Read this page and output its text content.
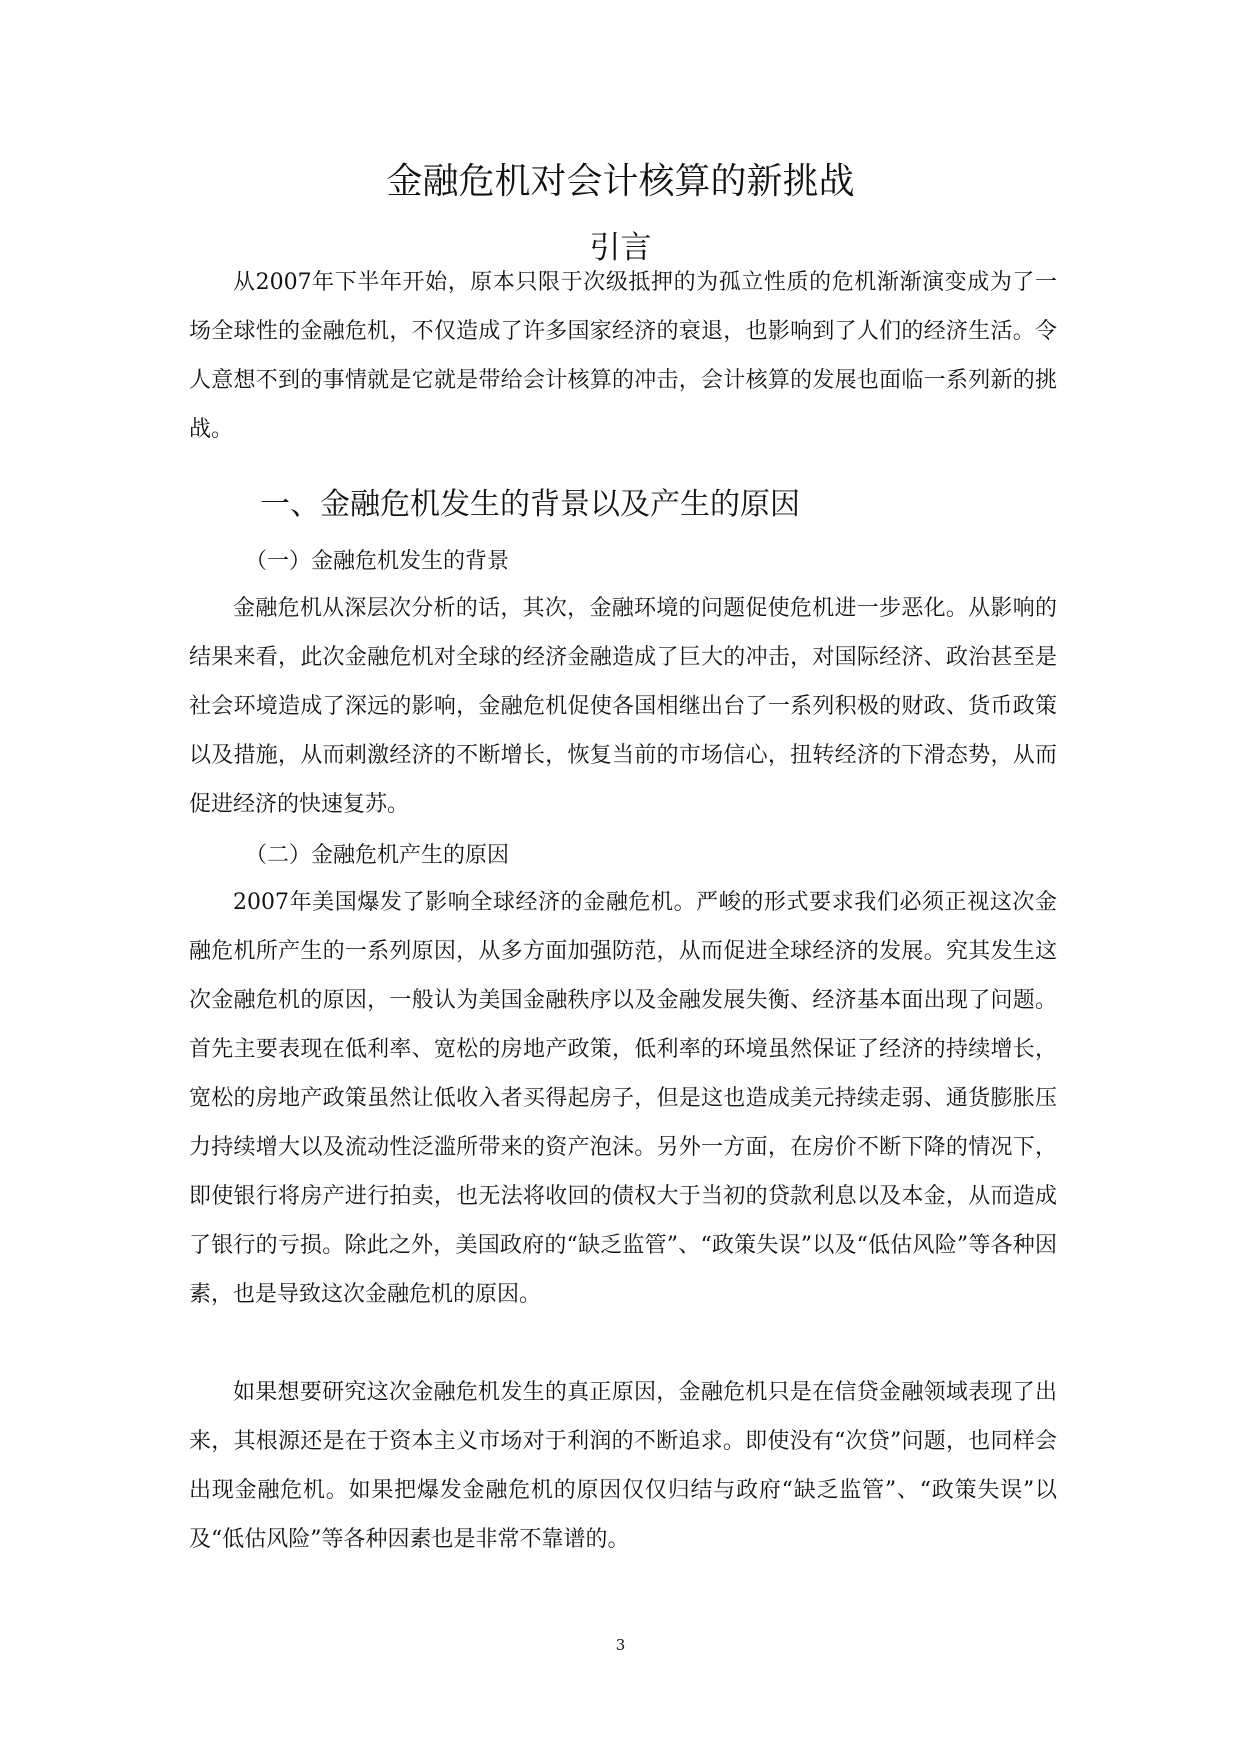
金融危机对会计核算的新挑战
引言

从2007年下半年开始，原本只限于次级抵押的为孤立性质的危机渐渐演变成为了一场全球性的金融危机，不仅造成了许多国家经济的衰退，也影响到了人们的经济生活。令人意想不到的事情就是它就是带给会计核算的冲击，会计核算的发展也面临一系列新的挑战。

一、金融危机发生的背景以及产生的原因
（一）金融危机发生的背景

金融危机从深层次分析的话，其次，金融环境的问题促使危机进一步恶化。从影响的结果来看，此次金融危机对全球的经济金融造成了巨大的冲击，对国际经济、政治甚至是社会环境造成了深远的影响，金融危机促使各国相继出台了一系列积极的财政、货币政策以及措施，从而刺激经济的不断增长，恢复当前的市场信心，扭转经济的下滑态势，从而促进经济的快速复苏。

（二）金融危机产生的原因

2007年美国爆发了影响全球经济的金融危机。严峻的形式要求我们必须正视这次金融危机所产生的一系列原因，从多方面加强防范，从而促进全球经济的发展。究其发生这次金融危机的原因，一般认为美国金融秩序以及金融发展失衡、经济基本面出现了问题。首先主要表现在低利率、宽松的房地产政策，低利率的环境虽然保证了经济的持续增长，宽松的房地产政策虽然让低收入者买得起房子，但是这也造成美元持续走弱、通货膨胀压力持续增大以及流动性泛滥所带来的资产泡沫。另外一方面，在房价不断下降的情况下，即使银行将房产进行拍卖，也无法将收回的债权大于当初的贷款利息以及本金，从而造成了银行的亏损。除此之外，美国政府的“缺乏监管”、“政策失误”以及“低估风险”等各种因素，也是导致这次金融危机的原因。

如果想要研究这次金融危机发生的真正原因，金融危机只是在信贷金融领域表现了出来，其根源还是在于资本主义市场对于利润的不断追求。即使没有“次贷”问题，也同样会出现金融危机。如果把爆发金融危机的原因仅仅归结与政府“缺乏监管”、“政策失误”以及“低估风险”等各种因素也是非常不靠谱的。

3
